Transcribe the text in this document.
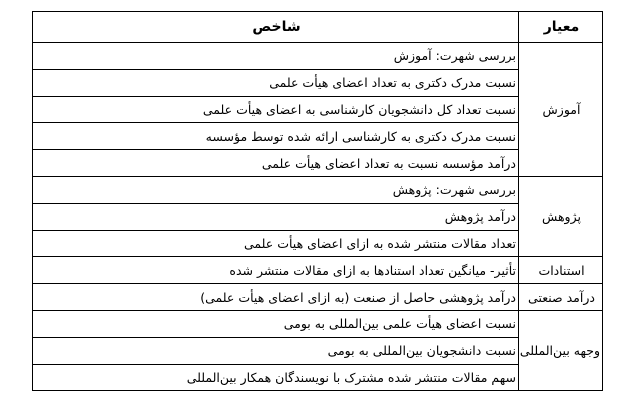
معیار	شاخص
آموزش	بررسی شهرت: آموزش
	نسبت مدرک دکتری به تعداد اعضای هیأت علمی
	نسبت تعداد کل دانشجویان کارشناسی به اعضای هیأت علمی
	نسبت مدرک دکتری به کارشناسی ارائه شده توسط مؤسسه
	درآمد مؤسسه نسبت به تعداد اعضای هیأت علمی
پژوهش	بررسی شهرت: پژوهش
	درآمد پژوهش
	تعداد مقالات منتشر شده به ازای اعضای هیأت علمی
استنادات	تأثیر- میانگین تعداد استنادها به ازای مقالات منتشر شده
درآمد صنعتی	درآمد پژوهشی حاصل از صنعت (به ازای اعضای هیأت علمی)
وجهه بین‌المللی	نسبت اعضای هیأت علمی بین‌المللی به بومی
	نسبت دانشجویان بین‌المللی به بومی
	سهم مقالات منتشر شده مشترک با نویسندگان همکار بین‌المللی
